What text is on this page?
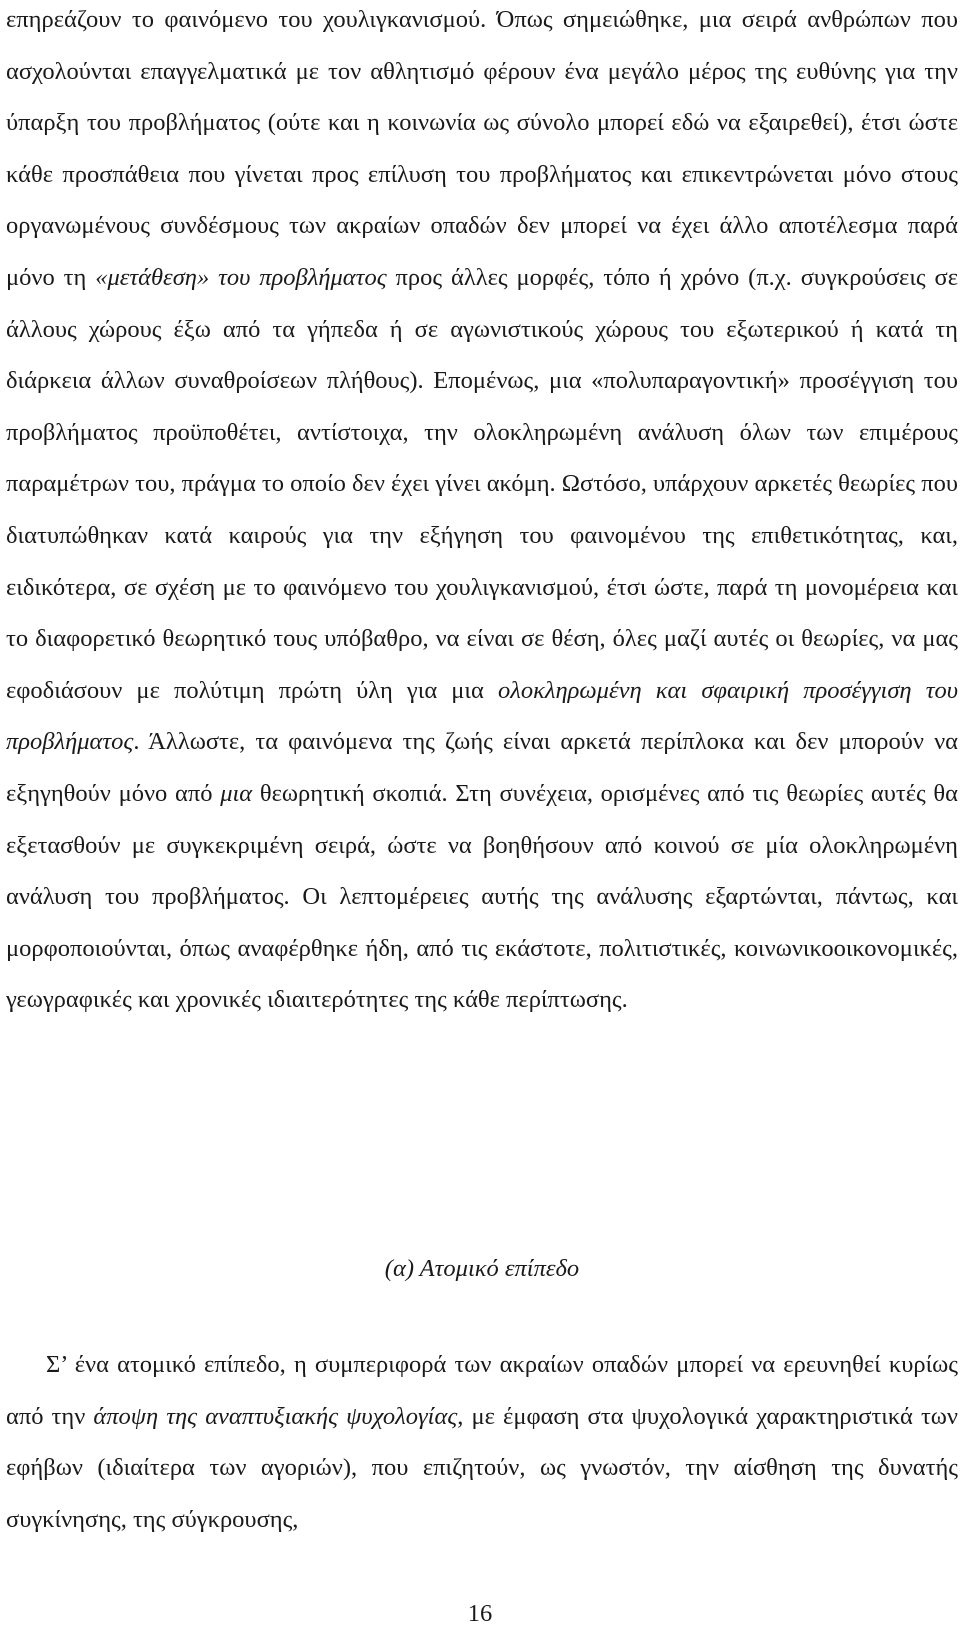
επηρεάζουν το φαινόμενο του χουλιγκανισμού. Όπως σημειώθηκε, μια σειρά ανθρώπων που ασχολούνται επαγγελματικά με τον αθλητισμό φέρουν ένα μεγάλο μέρος της ευθύνης για την ύπαρξη του προβλήματος (ούτε και η κοινωνία ως σύνολο μπορεί εδώ να εξαιρεθεί), έτσι ώστε κάθε προσπάθεια που γίνεται προς επίλυση του προβλήματος και επικεντρώνεται μόνο στους οργανωμένους συνδέσμους των ακραίων οπαδών δεν μπορεί να έχει άλλο αποτέλεσμα παρά μόνο τη «μετάθεση» του προβλήματος προς άλλες μορφές, τόπο ή χρόνο (π.χ. συγκρούσεις σε άλλους χώρους έξω από τα γήπεδα ή σε αγωνιστικούς χώρους του εξωτερικού ή κατά τη διάρκεια άλλων συναθροίσεων πλήθους). Επομένως, μια «πολυπαραγοντική» προσέγγιση του προβλήματος προϋποθέτει, αντίστοιχα, την ολοκληρωμένη ανάλυση όλων των επιμέρους παραμέτρων του, πράγμα το οποίο δεν έχει γίνει ακόμη. Ωστόσο, υπάρχουν αρκετές θεωρίες που διατυπώθηκαν κατά καιρούς για την εξήγηση του φαινομένου της επιθετικότητας, και, ειδικότερα, σε σχέση με το φαινόμενο του χουλιγκανισμού, έτσι ώστε, παρά τη μονομέρεια και το διαφορετικό θεωρητικό τους υπόβαθρο, να είναι σε θέση, όλες μαζί αυτές οι θεωρίες, να μας εφοδιάσουν με πολύτιμη πρώτη ύλη για μια ολοκληρωμένη και σφαιρική προσέγγιση του προβλήματος. Άλλωστε, τα φαινόμενα της ζωής είναι αρκετά περίπλοκα και δεν μπορούν να εξηγηθούν μόνο από μια θεωρητική σκοπιά. Στη συνέχεια, ορισμένες από τις θεωρίες αυτές θα εξετασθούν με συγκεκριμένη σειρά, ώστε να βοηθήσουν από κοινού σε μία ολοκληρωμένη ανάλυση του προβλήματος. Οι λεπτομέρειες αυτής της ανάλυσης εξαρτώνται, πάντως, και μορφοποιούνται, όπως αναφέρθηκε ήδη, από τις εκάστοτε, πολιτιστικές, κοινωνικοοικονομικές, γεωγραφικές και χρονικές ιδιαιτερότητες της κάθε περίπτωσης.

(α) Ατομικό επίπεδο

Σ’ ένα ατομικό επίπεδο, η συμπεριφορά των ακραίων οπαδών μπορεί να ερευνηθεί κυρίως από την άποψη της αναπτυξιακής ψυχολογίας, με έμφαση στα ψυχολογικά χαρακτηριστικά των εφήβων (ιδιαίτερα των αγοριών), που επιζητούν, ως γνωστόν, την αίσθηση της δυνατής συγκίνησης, της σύγκρουσης,

16
